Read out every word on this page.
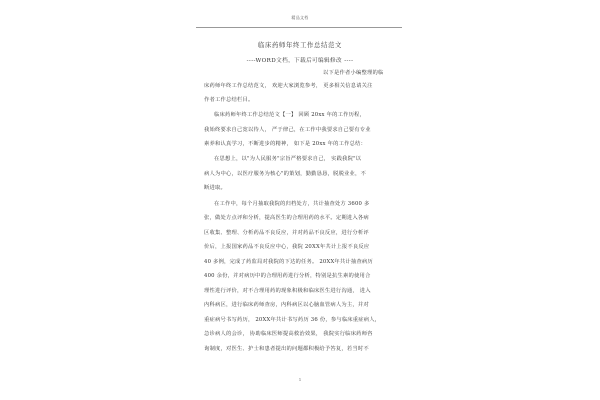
精品文档
临床药师年终工作总结范文
----WORD文档，下载后可编辑修改 ----
以下是作者小编整理的临
床药师年终工作总结范文， 欢迎大家浏览参考， 更多相关信息请关注
作者工作总结栏目。
临床药师年终工作总结范文【一】 回顾 20xx 年的工作历程，
我始终要求自己宽以待人， 严于律己，在工作中我要求自己要有专业
素养和认真学习，不断进步的精神， 如下是 20xx 年的工作总结：
在思想上，以"为人民服务"宗旨严格要求自己， 实践我院"以
病人为中心，以医疗服务为核心"的策划，勤勤恳恳，脱脱业业，不
断进取。
在工作中，每个月抽取我院的归档处方，共计抽查处方 3600 多
张，做处方点评和分析，提高医生的合理用药的水平。定期进入各病
区收集、整理、分析药品不良反应，并对药品不良反应，进行分析评
价后，上报国家药品不良反应中心，我院 20XX年共计上报不良反应
40 多例，完成了药监局对我院的下达的任务。 20XX年共计抽查病历
400 余份，并对病历中的合理用药进行分析，特别是抗生素的使用合
理性进行评价，对不合理用药的现象积极和临床医生进行沟通， 进入
内科病区，进行临床药师查房，内科病区以心脑血管病人为主，并对
重症病号书写药历， 20XX年共计书写药历 36 份，参与临床重症病人，
急诊病人的会诊， 协助临床医师提高救治效果， 我院实行临床药师咨
询制度，对医生、护士和患者提出的问题都积极给予答复，若当时不
1
